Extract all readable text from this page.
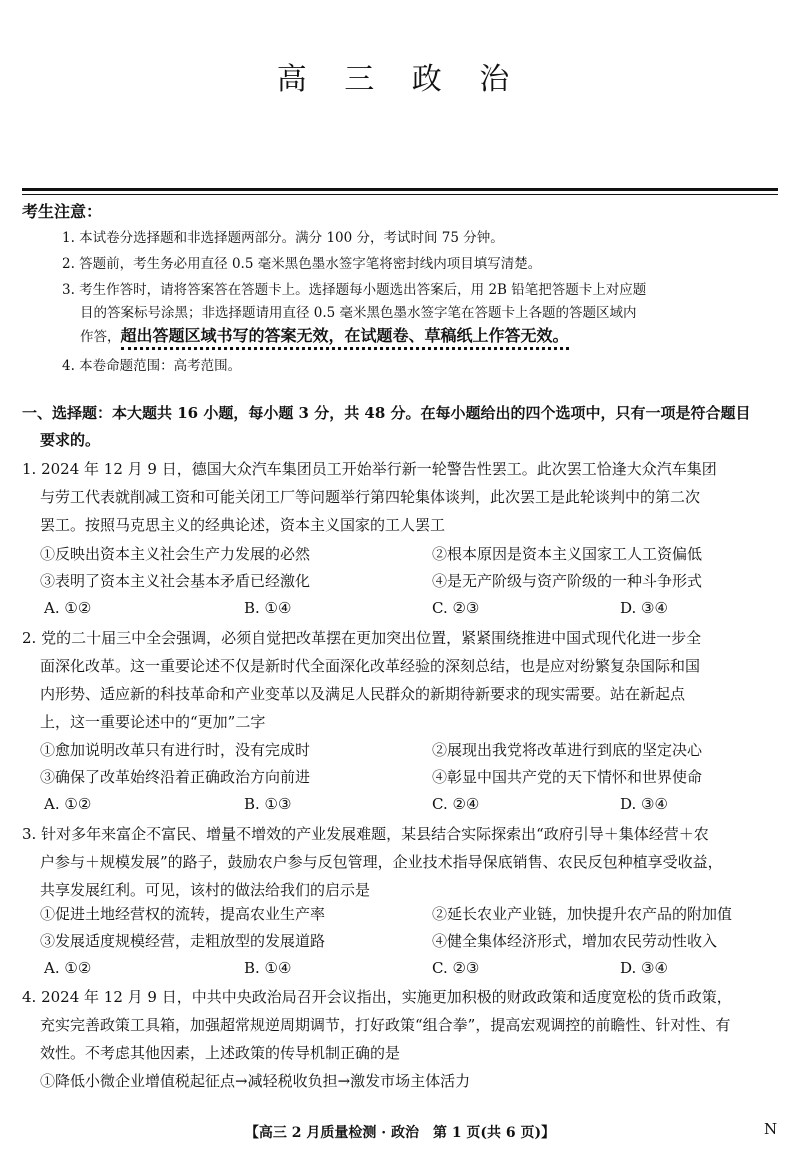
高 三 政 治
考生注意：
1. 本试卷分选择题和非选择题两部分。满分 100 分，考试时间 75 分钟。
2. 答题前，考生务必用直径 0.5 毫米黑色墨水签字笔将密封线内项目填写清楚。
3. 考生作答时，请将答案答在答题卡上。选择题每小题选出答案后，用 2B 铅笔把答题卡上对应题
目的答案标号涂黑；非选择题请用直径 0.5 毫米黑色墨水签字笔在答题卡上各题的答题区域内
作答，超出答题区域书写的答案无效，在试题卷、草稿纸上作答无效。
4. 本卷命题范围：高考范围。
一、选择题：本大题共 16 小题，每小题 3 分，共 48 分。在每小题给出的四个选项中，只有一项是符合题目
要求的。
1. 2024 年 12 月 9 日，德国大众汽车集团员工开始举行新一轮警告性罢工。此次罢工恰逢大众汽车集团
与劳工代表就削减工资和可能关闭工厂等问题举行第四轮集体谈判，此次罢工是此轮谈判中的第二次
罢工。按照马克思主义的经典论述，资本主义国家的工人罢工
①反映出资本主义社会生产力发展的必然	②根本原因是资本主义国家工人工资偏低
③表明了资本主义社会基本矛盾已经激化	④是无产阶级与资产阶级的一种斗争形式
A. ①②	B. ①④	C. ②③	D. ③④
2. 党的二十届三中全会强调，必须自觉把改革摆在更加突出位置，紧紧围绕推进中国式现代化进一步全
面深化改革。这一重要论述不仅是新时代全面深化改革经验的深刻总结，也是应对纷繁复杂国际和国
内形势、适应新的科技革命和产业变革以及满足人民群众的新期待新要求的现实需要。站在新起点
上，这一重要论述中的“更加”二字
①愈加说明改革只有进行时，没有完成时	②展现出我党将改革进行到底的坚定决心
③确保了改革始终沿着正确政治方向前进	④彰显中国共产党的天下情怀和世界使命
A. ①②	B. ①③	C. ②④	D. ③④
3. 针对多年来富企不富民、增量不增效的产业发展难题，某县结合实际探索出“政府引导＋集体经营＋农
户参与＋规模发展”的路子，鼓励农户参与反包管理，企业技术指导保底销售、农民反包种植享受收益，
共享发展红利。可见，该村的做法给我们的启示是
①促进土地经营权的流转，提高农业生产率	②延长农业产业链，加快提升农产品的附加值
③发展适度规模经营，走粗放型的发展道路	④健全集体经济形式，增加农民劳动性收入
A. ①②	B. ①④	C. ②③	D. ③④
4. 2024 年 12 月 9 日，中共中央政治局召开会议指出，实施更加积极的财政政策和适度宽松的货币政策，
充实完善政策工具箱，加强超常规逆周期调节，打好政策“组合拳”，提高宏观调控的前瞻性、针对性、有
效性。不考虑其他因素，上述政策的传导机制正确的是
①降低小微企业增值税起征点→减轻税收负担→激发市场主体活力
【高三 2 月质量检测 · 政治　第 1 页(共 6 页)】	N
